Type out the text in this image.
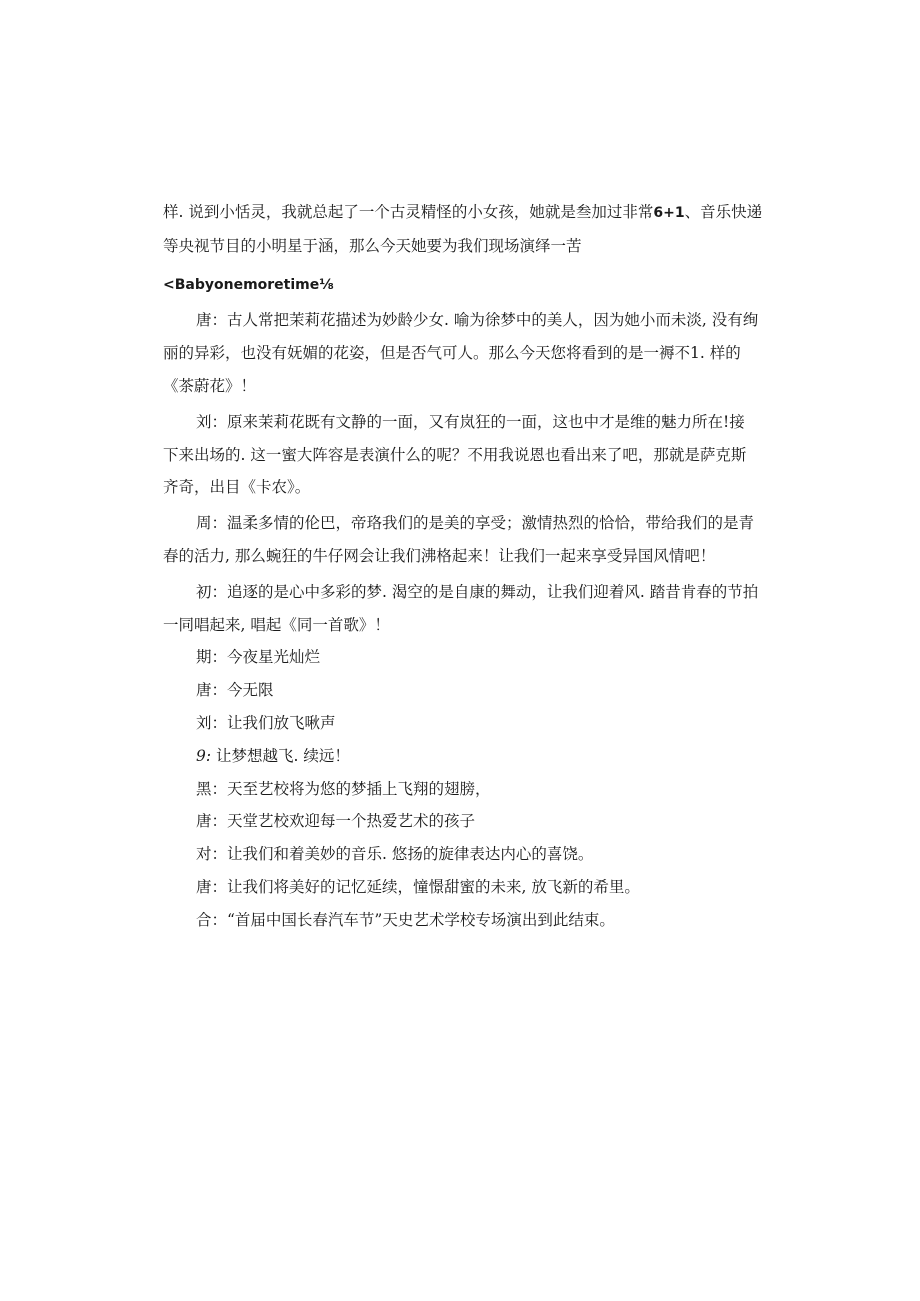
样. 说到小恬灵，我就总起了一个古灵精怪的小女孩，她就是叁加过非常6+1、音乐快递
等央视节目的小明星于涵，那么今天她要为我们现场演绎一苦
<Babyonemoretime⅛
唐：古人常把茉莉花描述为妙龄少女. 喻为徐梦中的美人，因为她小而未淡, 没有绚
丽的异彩，也没有妩媚的花姿，但是否气可人。那么今天您将看到的是一褥不1. 样的
《茶蔚花》！
刘：原来茉莉花既有文静的一面，又有岚狂的一面，这也中才是维的魅力所在!接
下来出场的. 这一蜜大阵容是表演什么的呢？不用我说恩也看出来了吧，那就是萨克斯
齐奇，出目《卡农》。
周：温柔多情的伦巴，帝珞我们的是美的享受；激情热烈的恰恰，带给我们的是青
春的活力, 那么蜿狂的牛仔网会让我们沸格起来！让我们一起来享受异国风情吧！
初：追逐的是心中多彩的梦. 渴空的是自康的舞动，让我们迎着风. 踏昔肯春的节拍
一同唱起来, 唱起《同一首歌》！
期：今夜星光灿烂
唐：今无限
刘：让我们放飞啾声
9: 让梦想越飞. 续远！
黑：天至艺校将为悠的梦插上飞翔的翅膀，
唐：天堂艺校欢迎每一个热爱艺术的孩子
对：让我们和着美妙的音乐. 悠扬的旋律表达内心的喜饶。
唐：让我们将美好的记忆延续，憧憬甜蜜的未来, 放飞新的希里。
合：“首届中国长春汽车节”天史艺术学校专场演出到此结束。
